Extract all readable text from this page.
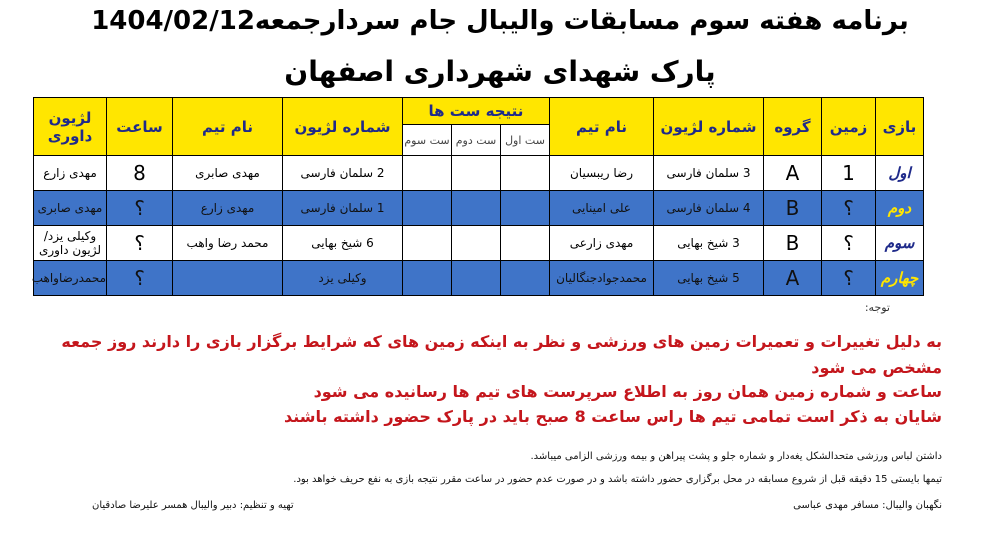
برنامه هفته سوم مسابقات والیبال جام سردارجمعه1404/02/12
پارک شهدای شهرداری اصفهان
بازی	زمین	گروه	شماره لژیون	نام تیم	نتیجه ست ها			شماره لژیون	نام تیم	ساعت	لژیون داوری
					ست اول	ست دوم	ست سوم				
اول	1	A	3 سلمان فارسی	رضا ریبسیان				2 سلمان فارسی	مهدی صابری	8	مهدی زارع
دوم	؟	B	4 سلمان فارسی	علی امینایی				1 سلمان فارسی	مهدی زارع	؟	مهدی صابری
سوم	؟	B	3 شیخ بهایی	مهدی زارعی				6 شیخ بهایی	محمد رضا واهب	؟	وکیلی یزد/ لژیون داوری
چهارم	؟	A	5 شیخ بهایی	محمدجوادجنگالیان				وکیلی یزد		؟	محمدرضاواهب
توجه:
به دلیل تغییرات و تعمیرات زمین های ورزشی و نظر به اینکه زمین های که شرایط برگزار بازی را دارند روز جمعه مشخص می شود
ساعت و شماره زمین همان روز به اطلاع سرپرست های تیم ها رسانیده می شود
شایان به ذکر است تمامی تیم ها راس ساعت 8 صبح باید در پارک حضور داشته باشند
داشتن لباس ورزشی متحدالشکل یغه‌دار و شماره جلو و پشت پیراهن و بیمه ورزشی الزامی میباشد.
تیمها بایستی 15 دقیقه قبل از شروع مسابقه در محل برگزاری حضور داشته باشد و در صورت عدم حضور در ساعت مقرر نتیجه بازی به نفع حریف خواهد بود.
نگهبان والیبال: مسافر مهدی عباسی
تهیه و تنظیم: دبیر والیبال همسر علیرضا صادقیان
